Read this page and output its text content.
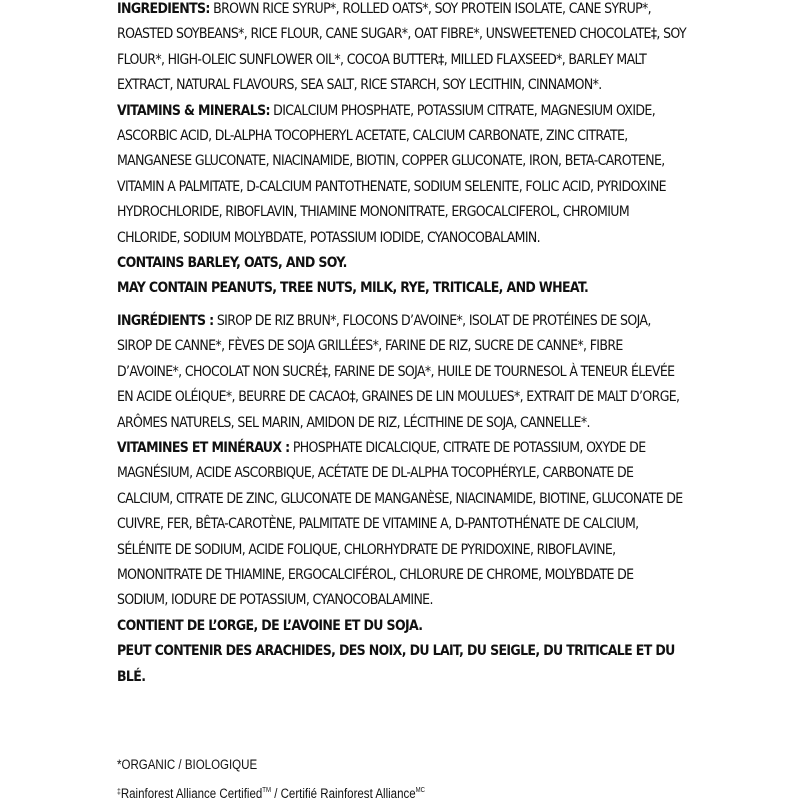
INGREDIENTS: BROWN RICE SYRUP*, ROLLED OATS*, SOY PROTEIN ISOLATE, CANE SYRUP*, ROASTED SOYBEANS*, RICE FLOUR, CANE SUGAR*, OAT FIBRE*, UNSWEETENED CHOCOLATE‡, SOY FLOUR*, HIGH-OLEIC SUNFLOWER OIL*, COCOA BUTTER‡, MILLED FLAXSEED*, BARLEY MALT EXTRACT, NATURAL FLAVOURS, SEA SALT, RICE STARCH, SOY LECITHIN, CINNAMON*.

VITAMINS & MINERALS: DICALCIUM PHOSPHATE, POTASSIUM CITRATE, MAGNESIUM OXIDE, ASCORBIC ACID, DL-ALPHA TOCOPHERYL ACETATE, CALCIUM CARBONATE, ZINC CITRATE, MANGANESE GLUCONATE, NIACINAMIDE, BIOTIN, COPPER GLUCONATE, IRON, BETA-CAROTENE, VITAMIN A PALMITATE, D-CALCIUM PANTOTHENATE, SODIUM SELENITE, FOLIC ACID, PYRIDOXINE HYDROCHLORIDE, RIBOFLAVIN, THIAMINE MONONITRATE, ERGOCALCIFEROL, CHROMIUM CHLORIDE, SODIUM MOLYBDATE, POTASSIUM IODIDE, CYANOCOBALAMIN.

CONTAINS BARLEY, OATS, AND SOY.

MAY CONTAIN PEANUTS, TREE NUTS, MILK, RYE, TRITICALE, AND WHEAT.

INGRÉDIENTS : SIROP DE RIZ BRUN*, FLOCONS D’AVOINE*, ISOLAT DE PROTÉINES DE SOJA, SIROP DE CANNE*, FÈVES DE SOJA GRILLÉES*, FARINE DE RIZ, SUCRE DE CANNE*, FIBRE D’AVOINE*, CHOCOLAT NON SUCRÉ‡, FARINE DE SOJA*, HUILE DE TOURNESOL À TENEUR ÉLEVÉE EN ACIDE OLÉIQUE*, BEURRE DE CACAO‡, GRAINES DE LIN MOULUES*, EXTRAIT DE MALT D’ORGE, ARÔMES NATURELS, SEL MARIN, AMIDON DE RIZ, LÉCITHINE DE SOJA, CANNELLE*.

VITAMINES ET MINÉRAUX : PHOSPHATE DICALCIQUE, CITRATE DE POTASSIUM, OXYDE DE MAGNÉSIUM, ACIDE ASCORBIQUE, ACÉTATE DE DL-ALPHA TOCOPHÉRYLE, CARBONATE DE CALCIUM, CITRATE DE ZINC, GLUCONATE DE MANGANÈSE, NIACINAMIDE, BIOTINE, GLUCONATE DE CUIVRE, FER, BÊTA-CAROTÈNE, PALMITATE DE VITAMINE A, D-PANTOTHÉNATE DE CALCIUM, SÉLÉNITE DE SODIUM, ACIDE FOLIQUE, CHLORHYDRATE DE PYRIDOXINE, RIBOFLAVINE, MONONITRATE DE THIAMINE, ERGOCALCIFÉROL, CHLORURE DE CHROME, MOLYBDATE DE SODIUM, IODURE DE POTASSIUM, CYANOCOBALAMINE.

CONTIENT DE L’ORGE, DE L’AVOINE ET DU SOJA.

PEUT CONTENIR DES ARACHIDES, DES NOIX, DU LAIT, DU SEIGLE, DU TRITICALE ET DU BLÉ.

*ORGANIC / BIOLOGIQUE

‡Rainforest Alliance Certified™ / Certifié Rainforest Alliance$^{MC}$
